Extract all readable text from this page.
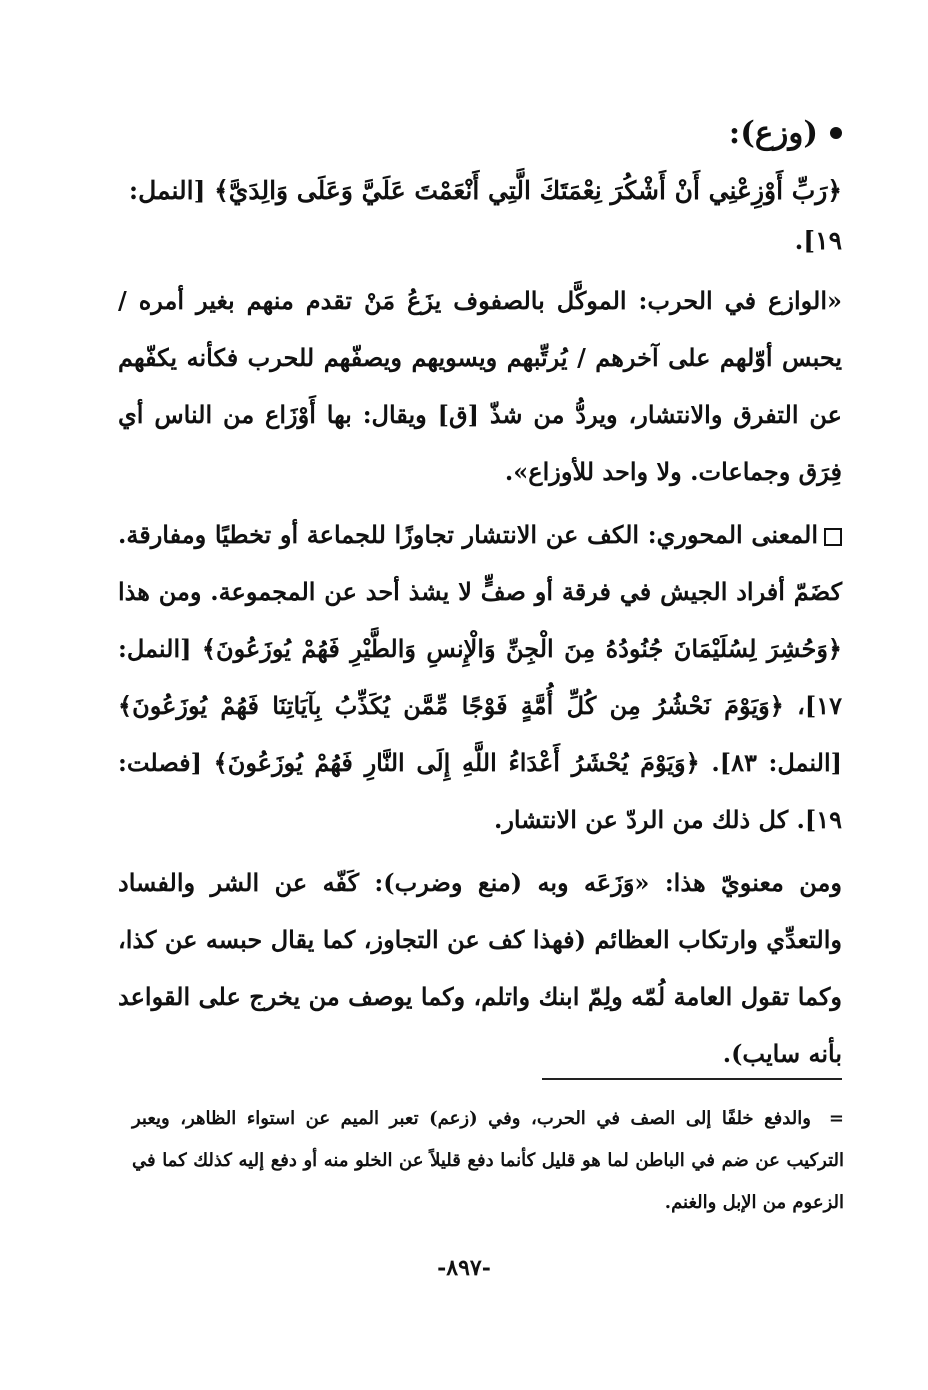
(وزع):

﴿رَبِّ أَوْزِعْنِي أَنْ أَشْكُرَ نِعْمَتَكَ الَّتِي أَنْعَمْتَ عَلَيَّ وَعَلَى وَالِدَيَّ﴾ [النمل: ١٩].

«الوازع في الحرب: الموكَّل بالصفوف يزَعُ مَنْ تقدم منهم بغير أمره / يحبس أوّلهم على آخرهم / يُرتِّبهم ويسويهم ويصفّهم للحرب فكأنه يكفّهم عن التفرق والانتشار، ويردُّ من شذّ [ق] ويقال: بها أَوْزَاع من الناس أي فِرَق وجماعات. ولا واحد للأوزاع».

المعنى المحوري: الكف عن الانتشار تجاوزًا للجماعة أو تخطيًا ومفارقة. كضَمّ أفراد الجيش في فرقة أو صفٍّ لا يشذ أحد عن المجموعة. ومن هذا ﴿وَحُشِرَ لِسُلَيْمَانَ جُنُودُهُ مِنَ الْجِنِّ وَالْإِنسِ وَالطَّيْرِ فَهُمْ يُوزَعُونَ﴾ [النمل: ١٧]، ﴿وَيَوْمَ نَحْشُرُ مِن كُلِّ أُمَّةٍ فَوْجًا مِّمَّن يُكَذِّبُ بِآيَاتِنَا فَهُمْ يُوزَعُونَ﴾ [النمل: ٨٣]. ﴿وَيَوْمَ يُحْشَرُ أَعْدَاءُ اللَّهِ إِلَى النَّارِ فَهُمْ يُوزَعُونَ﴾ [فصلت: ١٩]. كل ذلك من الردّ عن الانتشار.

ومن معنويّ هذا: «وَزَعَه وبه (منع وضرب): كَفّه عن الشر والفساد والتعدِّي وارتكاب العظائم (فهذا كف عن التجاوز، كما يقال حبسه عن كذا، وكما تقول العامة لُمّه ولِمّ ابنك واتلم، وكما يوصف من يخرج على القواعد بأنه سايب).

=
والدفع خلفًا إلى الصف في الحرب، وفي (زعم) تعبر الميم عن استواء الظاهر، ويعبر التركيب عن ضم في الباطن لما هو قليل كأنما دفع قليلاً عن الخلو منه أو دفع إليه كذلك كما في الزعوم من الإبل والغنم.
-٨٩٧-
